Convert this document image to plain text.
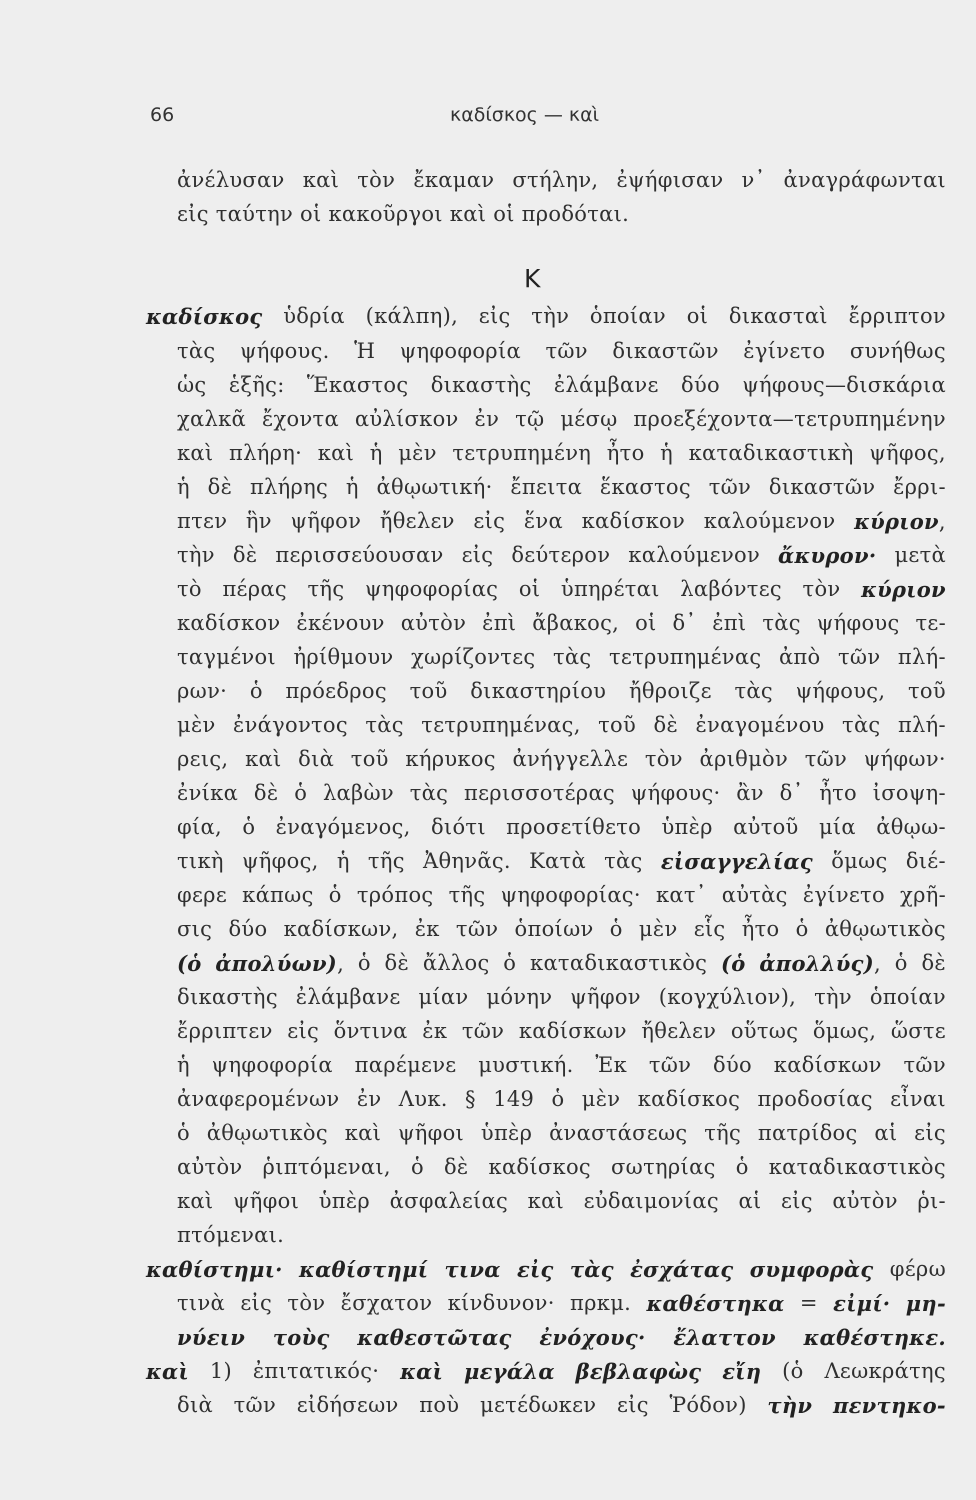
66	καδίσκος — καὶ
Κ
ἀνέλυσαν καὶ τὸν ἔκαμαν στήλην, ἐψήφισαν ν᾽ ἀναγράφωνται
εἰς ταύτην οἱ κακοῦργοι καὶ οἱ προδόται.
καδίσκος ὑδρία (κάλπη), εἰς τὴν ὁποίαν οἱ δικασταὶ ἔρριπτον
τὰς ψήφους. Ἡ ψηφοφορία τῶν δικαστῶν ἐγίνετο συνήθως
ὡς ἑξῆς: Ἕκαστος δικαστὴς ἐλάμβανε δύο ψήφους—δισκάρια
χαλκᾶ ἔχοντα αὐλίσκον ἐν τῷ μέσῳ προεξέχοντα—τετρυπημένην
καὶ πλήρη· καὶ ἡ μὲν τετρυπημένη ἦτο ἡ καταδικαστικὴ ψῆφος,
ἡ δὲ πλήρης ἡ ἀθῳωτική· ἔπειτα ἕκαστος τῶν δικαστῶν ἔρρι-
πτεν ἣν ψῆφον ἤθελεν εἰς ἕνα καδίσκον καλούμενον κύριον,
τὴν δὲ περισσεύουσαν εἰς δεύτερον καλούμενον ἄκυρον· μετὰ
τὸ πέρας τῆς ψηφοφορίας οἱ ὑπηρέται λαβόντες τὸν κύριον
καδίσκον ἐκένουν αὐτὸν ἐπὶ ἄβακος, οἱ δ᾽ ἐπὶ τὰς ψήφους τε-
ταγμένοι ἠρίθμουν χωρίζοντες τὰς τετρυπημένας ἀπὸ τῶν πλή-
ρων· ὁ πρόεδρος τοῦ δικαστηρίου ἤθροιζε τὰς ψήφους, τοῦ
μὲν ἐνάγοντος τὰς τετρυπημένας, τοῦ δὲ ἐναγομένου τὰς πλή-
ρεις, καὶ διὰ τοῦ κήρυκος ἀνήγγελλε τὸν ἀριθμὸν τῶν ψήφων·
ἐνίκα δὲ ὁ λαβὼν τὰς περισσοτέρας ψήφους· ἂν δ᾽ ἦτο ἰσοψη-
φία, ὁ ἐναγόμενος, διότι προσετίθετο ὑπὲρ αὐτοῦ μία ἀθῳω-
τικὴ ψῆφος, ἡ τῆς Ἀθηνᾶς. Κατὰ τὰς εἰσαγγελίας ὅμως διέ-
φερε κάπως ὁ τρόπος τῆς ψηφοφορίας· κατ᾽ αὐτὰς ἐγίνετο χρῆ-
σις δύο καδίσκων, ἐκ τῶν ὁποίων ὁ μὲν εἷς ἦτο ὁ ἀθῳωτικὸς
(ὁ ἀπολύων), ὁ δὲ ἄλλος ὁ καταδικαστικὸς (ὁ ἀπολλύς), ὁ δὲ
δικαστὴς ἐλάμβανε μίαν μόνην ψῆφον (κογχύλιον), τὴν ὁποίαν
ἔρριπτεν εἰς ὅντινα ἐκ τῶν καδίσκων ἤθελεν οὕτως ὅμως, ὥστε
ἡ ψηφοφορία παρέμενε μυστική. Ἐκ τῶν δύο καδίσκων τῶν
ἀναφερομένων ἐν Λυκ. § 149 ὁ μὲν καδίσκος προδοσίας εἶναι
ὁ ἀθῳωτικὸς καὶ ψῆφοι ὑπὲρ ἀναστάσεως τῆς πατρίδος αἱ εἰς
αὐτὸν ῥιπτόμεναι, ὁ δὲ καδίσκος σωτηρίας ὁ καταδικαστικὸς
καὶ ψῆφοι ὑπὲρ ἀσφαλείας καὶ εὐδαιμονίας αἱ εἰς αὐτὸν ῥι-
πτόμεναι.
καθίστημι· καθίστημί τινα εἰς τὰς ἐσχάτας συμφορὰς φέρω
τινὰ εἰς τὸν ἔσχατον κίνδυνον· πρκμ. καθέστηκα = εἰμί· μη-
νύειν τοὺς καθεστῶτας ἐνόχους· ἔλαττον καθέστηκε.
καὶ 1) ἐπιτατικός· καὶ μεγάλα βεβλαφὼς εἴη (ὁ Λεωκράτης
διὰ τῶν εἰδήσεων ποὺ μετέδωκεν εἰς Ῥόδον) τὴν πεντηκο-
